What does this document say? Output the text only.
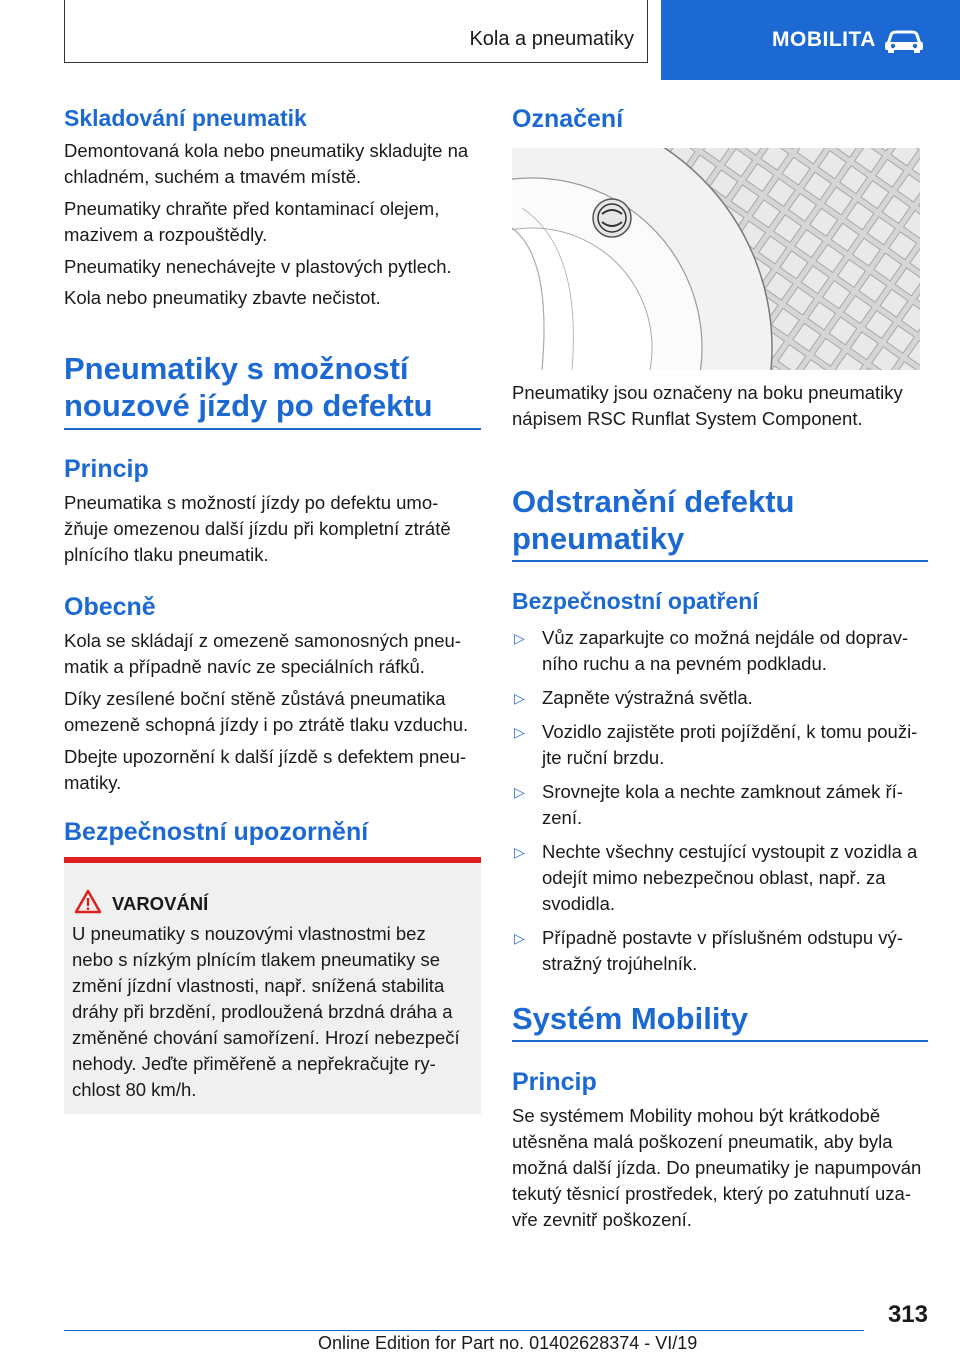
Kola a pneumatiky	MOBILITA
Skladování pneumatik

Demontovaná kola nebo pneumatiky skladujte na chladném, suchém a tmavém místě.

Pneumatiky chraňte před kontaminací olejem, mazivem a rozpouštědly.

Pneumatiky nenechávejte v plastových pytlech.

Kola nebo pneumatiky zbavte nečistot.

Pneumatiky s možností
nouzové jízdy po defektu
Princip

Pneumatika s možností jízdy po defektu umo-žňuje omezenou další jízdu při kompletní ztrátě plnícího tlaku pneumatik.

Obecně

Kola se skládají z omezeně samonosných pneu-matik a případně navíc ze speciálních ráfků.

Díky zesílené boční stěně zůstává pneumatika omezeně schopná jízdy i po ztrátě tlaku vzduchu.

Dbejte upozornění k další jízdě s defektem pneu-matiky.

Bezpečnostní upozornění
VAROVÁNÍ
U pneumatiky s nouzovými vlastnostmi bez nebo s nízkým plnícím tlakem pneumatiky se změní jízdní vlastnosti, např. snížená stabilita dráhy při brzdění, prodloužená brzdná dráha a změněné chování samořízení. Hrozí nebezpečí nehody. Jeďte přiměřeně a nepřekračujte ry-chlost 80 km/h.
Označení

Pneumatiky jsou označeny na boku pneumatiky nápisem RSC Runflat System Component.

Odstranění defektu
pneumatiky
Bezpečnostní opatření
▷ Vůz zaparkujte co možná nejdále od doprav-ního ruchu a na pevném podkladu.
▷ Zapněte výstražná světla.
▷ Vozidlo zajistěte proti pojíždění, k tomu použi-jte ruční brzdu.
▷ Srovnejte kola a nechte zamknout zámek ří-zení.
▷ Nechte všechny cestující vystoupit z vozidla a odejít mimo nebezpečnou oblast, např. za svodidla.
▷ Případně postavte v příslušném odstupu vý-stražný trojúhelník.
Systém Mobility
Princip

Se systémem Mobility mohou být krátkodobě utěsněna malá poškození pneumatik, aby byla možná další jízda. Do pneumatiky je napumpován tekutý těsnicí prostředek, který po zatuhnutí uza-vře zevnitř poškození.

313
Online Edition for Part no. 01402628374 - VI/19
